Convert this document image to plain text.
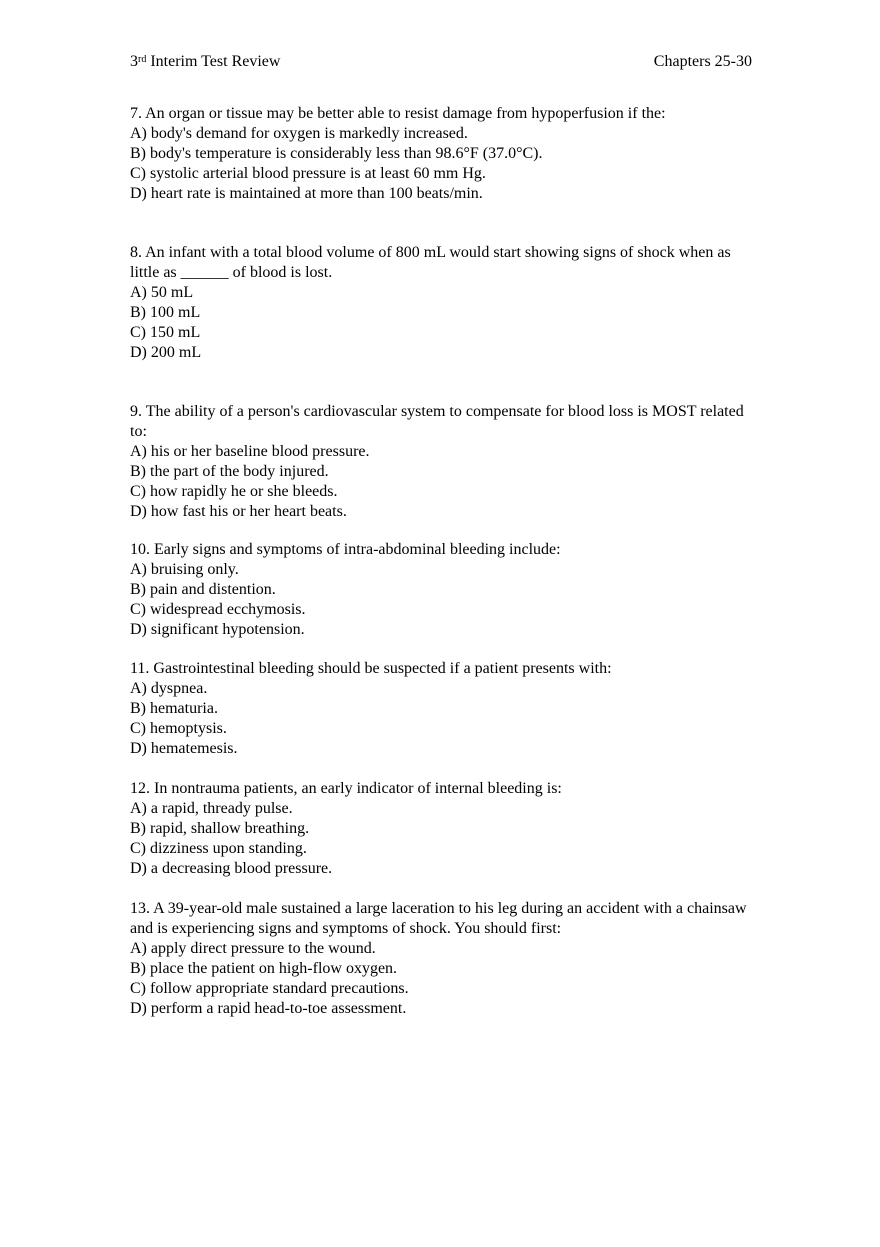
3rd Interim Test Review	Chapters 25-30

7. An organ or tissue may be better able to resist damage from hypoperfusion if the:

A) body's demand for oxygen is markedly increased.

B) body's temperature is considerably less than 98.6°F (37.0°C).

C) systolic arterial blood pressure is at least 60 mm Hg.

D) heart rate is maintained at more than 100 beats/min.

8. An infant with a total blood volume of 800 mL would start showing signs of shock when as little as ______ of blood is lost.

A) 50 mL

B) 100 mL

C) 150 mL

D) 200 mL

9. The ability of a person's cardiovascular system to compensate for blood loss is MOST related to:

A) his or her baseline blood pressure.

B) the part of the body injured.

C) how rapidly he or she bleeds.

D) how fast his or her heart beats.

10. Early signs and symptoms of intra-abdominal bleeding include:

A) bruising only.

B) pain and distention.

C) widespread ecchymosis.

D) significant hypotension.

11. Gastrointestinal bleeding should be suspected if a patient presents with:

A) dyspnea.

B) hematuria.

C) hemoptysis.

D) hematemesis.

12. In nontrauma patients, an early indicator of internal bleeding is:

A) a rapid, thready pulse.

B) rapid, shallow breathing.

C) dizziness upon standing.

D) a decreasing blood pressure.

13. A 39-year-old male sustained a large laceration to his leg during an accident with a chainsaw and is experiencing signs and symptoms of shock. You should first:

A) apply direct pressure to the wound.

B) place the patient on high-flow oxygen.

C) follow appropriate standard precautions.

D) perform a rapid head-to-toe assessment.
